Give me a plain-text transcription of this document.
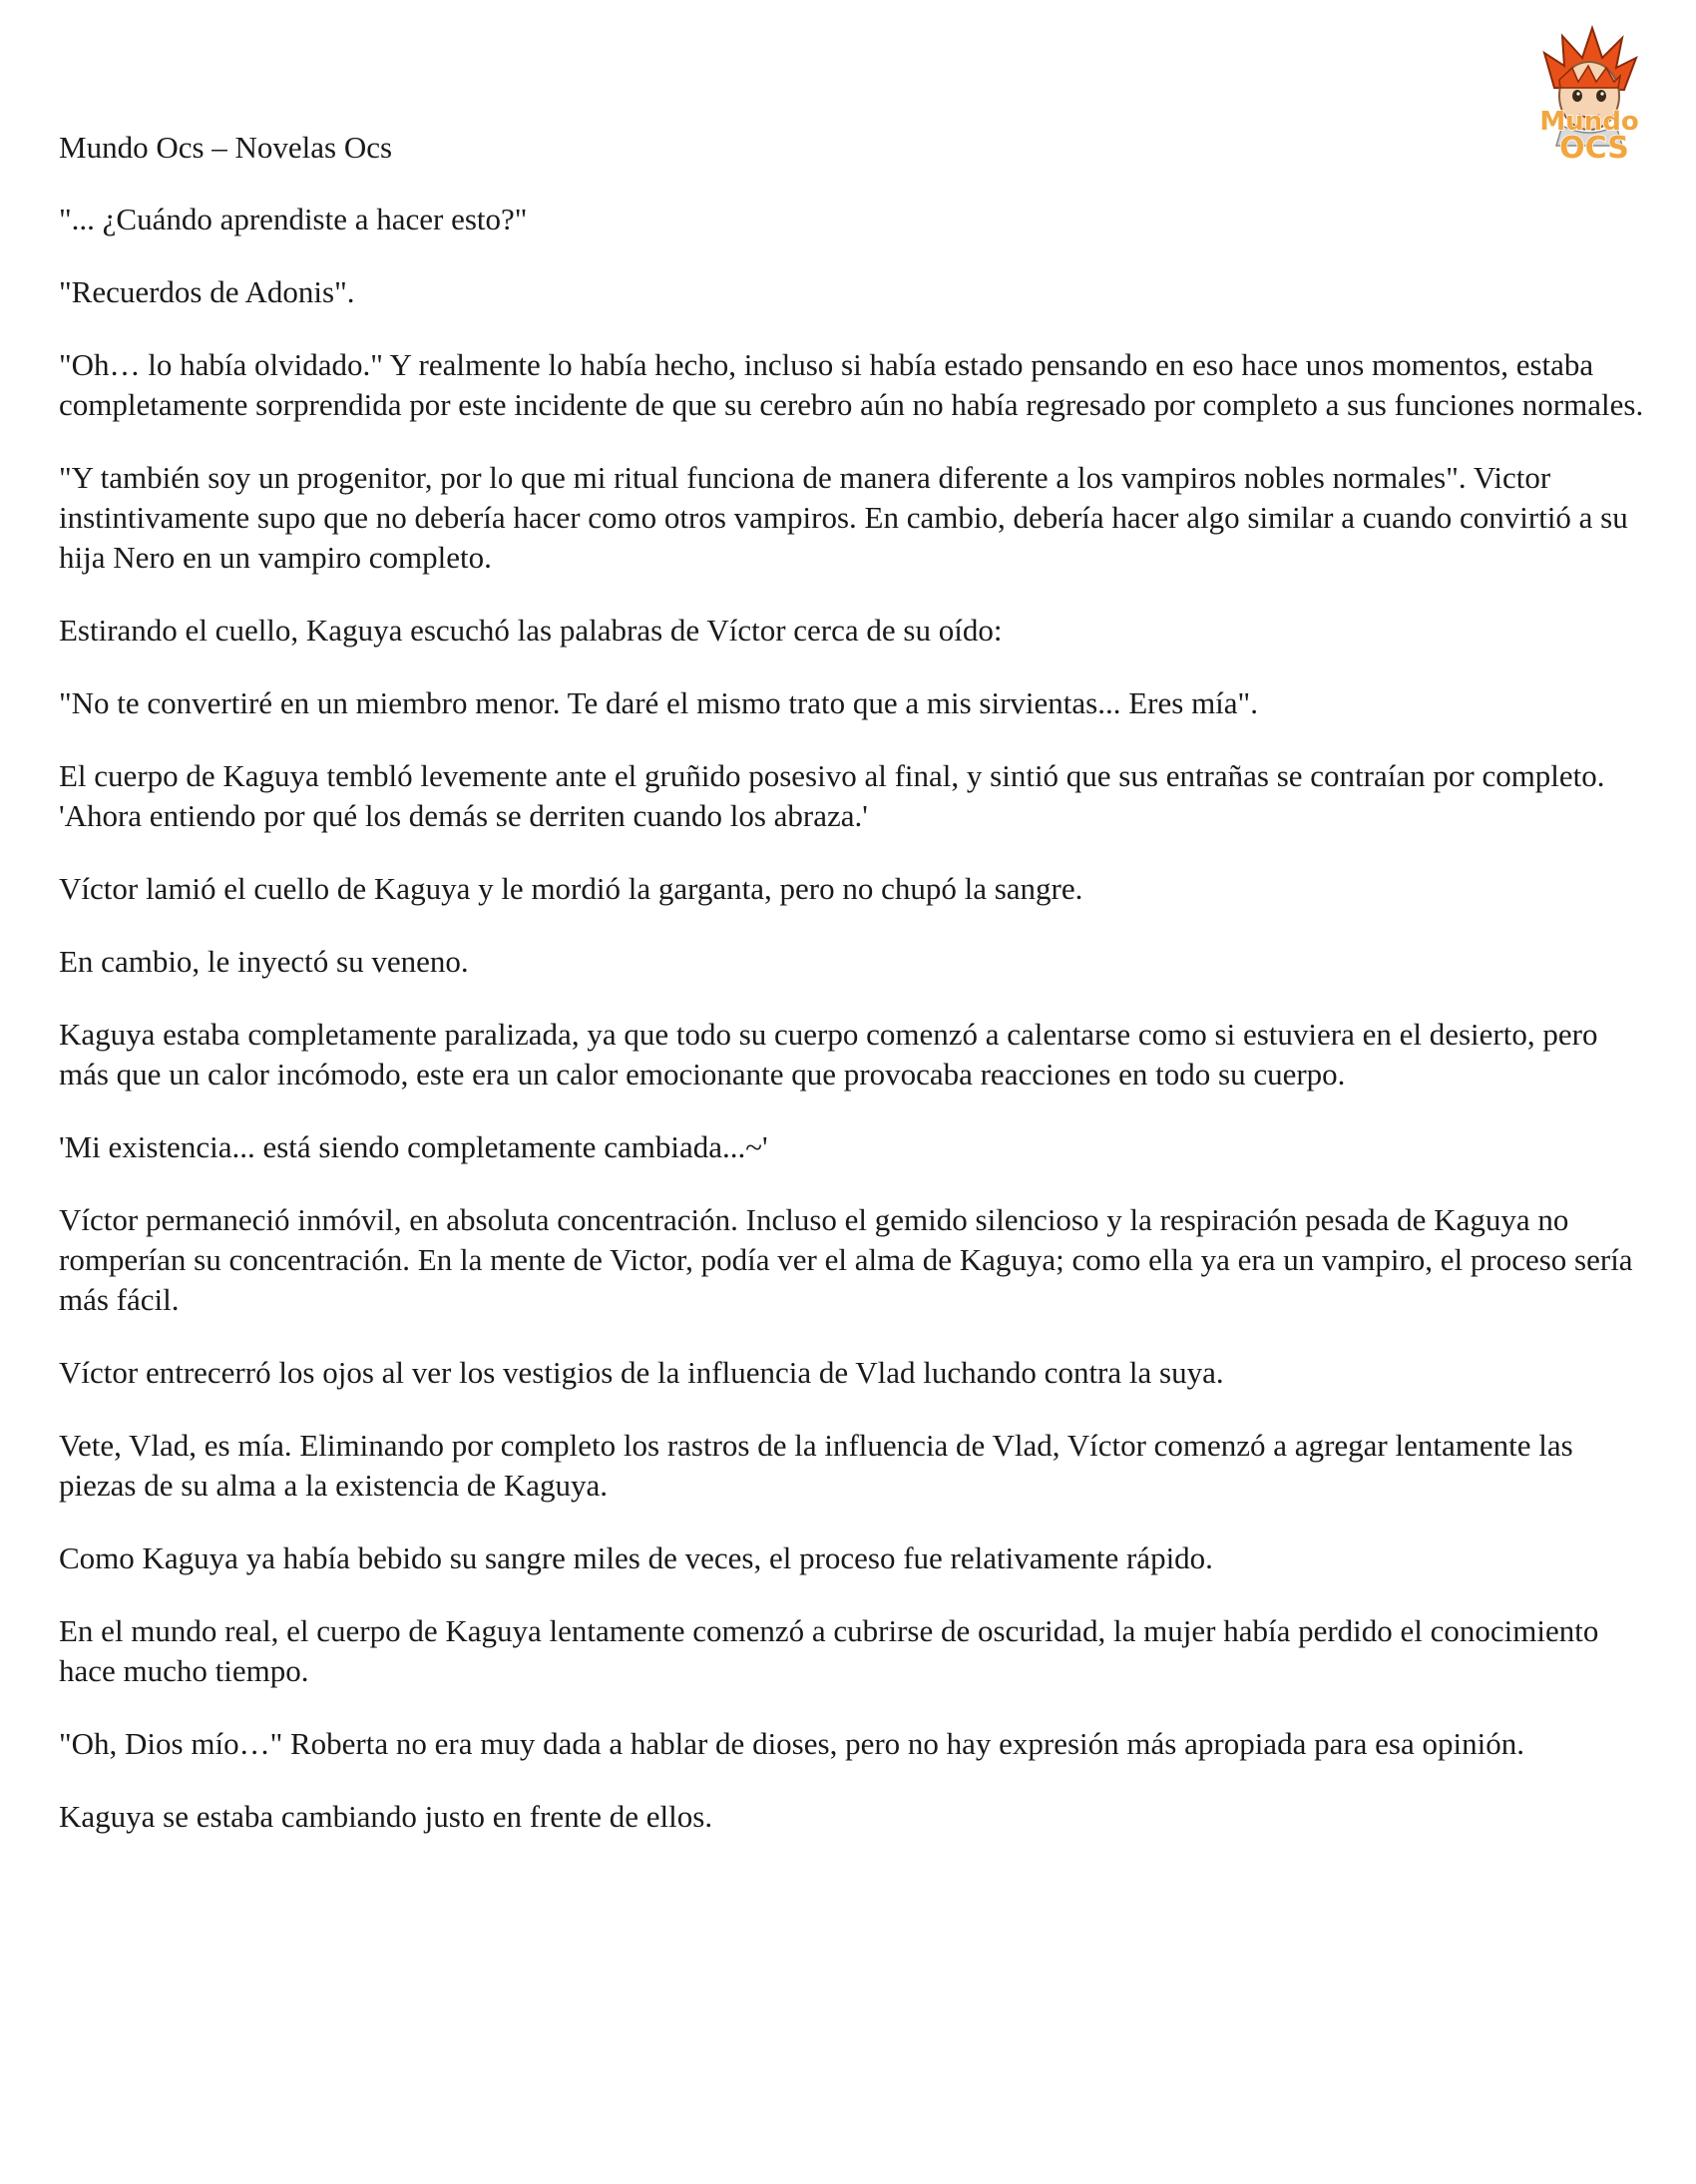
Mundo
OCS
Mundo Ocs – Novelas Ocs

"... ¿Cuándo aprendiste a hacer esto?"

"Recuerdos de Adonis".

"Oh… lo había olvidado." Y realmente lo había hecho, incluso si había estado pensando en eso hace unos momentos, estaba completamente sorprendida por este incidente de que su cerebro aún no había regresado por completo a sus funciones normales.

"Y también soy un progenitor, por lo que mi ritual funciona de manera diferente a los vampiros nobles normales". Victor instintivamente supo que no debería hacer como otros vampiros. En cambio, debería hacer algo similar a cuando convirtió a su hija Nero en un vampiro completo.

Estirando el cuello, Kaguya escuchó las palabras de Víctor cerca de su oído:

"No te convertiré en un miembro menor. Te daré el mismo trato que a mis sirvientas... Eres mía".

El cuerpo de Kaguya tembló levemente ante el gruñido posesivo al final, y sintió que sus entrañas se contraían por completo. 'Ahora entiendo por qué los demás se derriten cuando los abraza.'

Víctor lamió el cuello de Kaguya y le mordió la garganta, pero no chupó la sangre.

En cambio, le inyectó su veneno.

Kaguya estaba completamente paralizada, ya que todo su cuerpo comenzó a calentarse como si estuviera en el desierto, pero más que un calor incómodo, este era un calor emocionante que provocaba reacciones en todo su cuerpo.

'Mi existencia... está siendo completamente cambiada...~'

Víctor permaneció inmóvil, en absoluta concentración. Incluso el gemido silencioso y la respiración pesada de Kaguya no romperían su concentración. En la mente de Victor, podía ver el alma de Kaguya; como ella ya era un vampiro, el proceso sería más fácil.

Víctor entrecerró los ojos al ver los vestigios de la influencia de Vlad luchando contra la suya.

Vete, Vlad, es mía. Eliminando por completo los rastros de la influencia de Vlad, Víctor comenzó a agregar lentamente las piezas de su alma a la existencia de Kaguya.

Como Kaguya ya había bebido su sangre miles de veces, el proceso fue relativamente rápido.

En el mundo real, el cuerpo de Kaguya lentamente comenzó a cubrirse de oscuridad, la mujer había perdido el conocimiento hace mucho tiempo.

"Oh, Dios mío…" Roberta no era muy dada a hablar de dioses, pero no hay expresión más apropiada para esa opinión.

Kaguya se estaba cambiando justo en frente de ellos.
